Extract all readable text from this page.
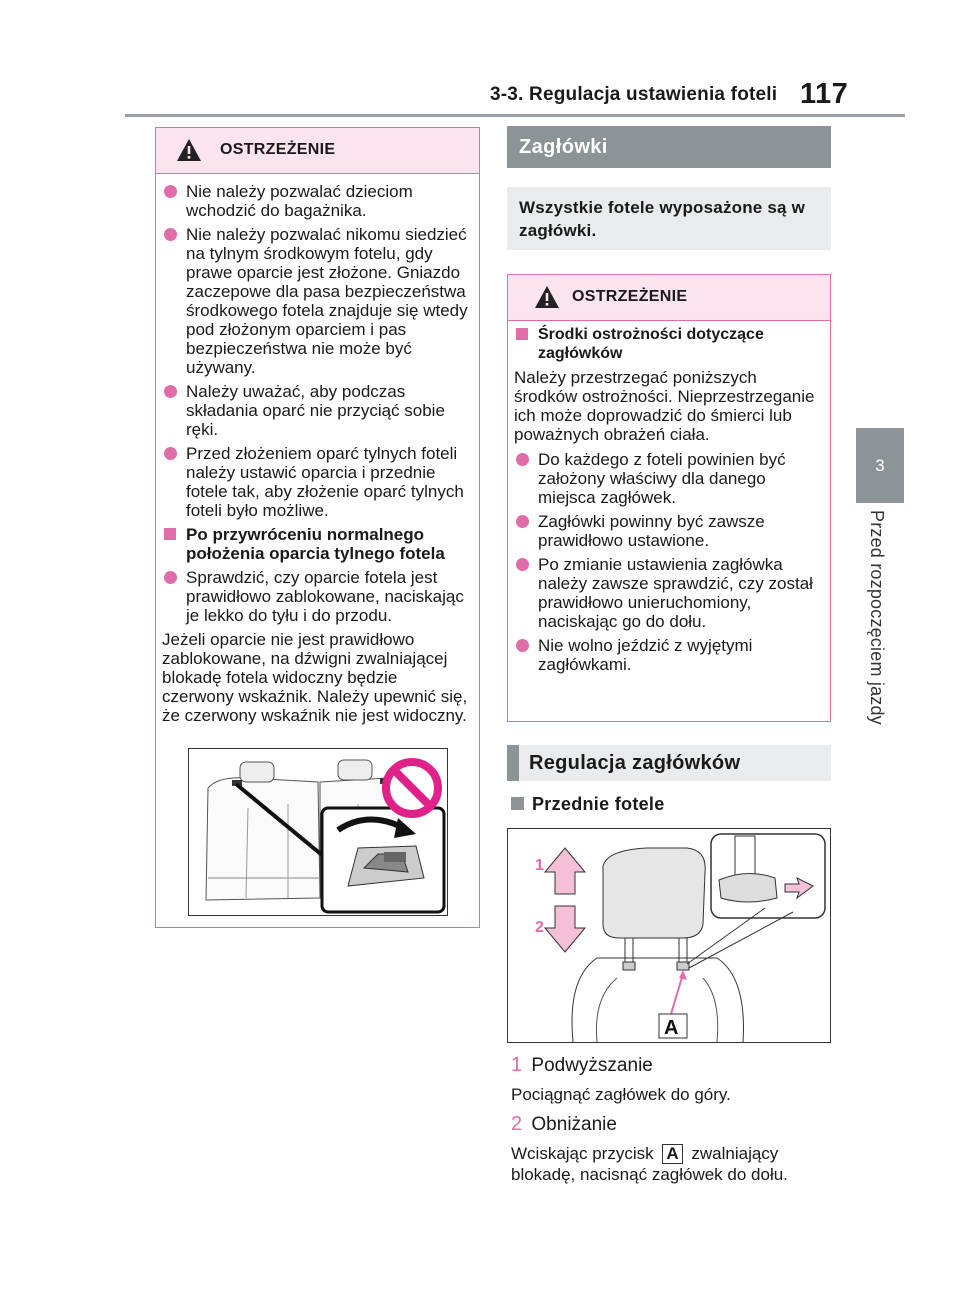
3-3. Regulacja ustawienia foteli 117
3
Przed rozpoczęciem jazdy
OSTRZEŻENIE
Nie należy pozwalać dzieciom wchodzić do bagażnika.
Nie należy pozwalać nikomu siedzieć na tylnym środkowym fotelu, gdy prawe oparcie jest złożone. Gniazdo zaczepowe dla pasa bezpieczeństwa środkowego fotela znajduje się wtedy pod złożonym oparciem i pas bezpieczeństwa nie może być używany.
Należy uważać, aby podczas składania oparć nie przyciąć sobie ręki.
Przed złożeniem oparć tylnych foteli należy ustawić oparcia i przednie fotele tak, aby złożenie oparć tylnych foteli było możliwe.
Po przywróceniu normalnego położenia oparcia tylnego fotela
Sprawdzić, czy oparcie fotela jest prawidłowo zablokowane, naciskając je lekko do tyłu i do przodu.
Jeżeli oparcie nie jest prawidłowo zablokowane, na dźwigni zwalniającej blokadę fotela widoczny będzie czerwony wskaźnik. Należy upewnić się, że czerwony wskaźnik nie jest widoczny.
Zagłówki
Wszystkie fotele wyposażone są w zagłówki.
OSTRZEŻENIE
Środki ostrożności dotyczące zagłówków
Należy przestrzegać poniższych środków ostrożności. Nieprzestrzeganie ich może doprowadzić do śmierci lub poważnych obrażeń ciała.
Do każdego z foteli powinien być założony właściwy dla danego miejsca zagłówek.
Zagłówki powinny być zawsze prawidłowo ustawione.
Po zmianie ustawienia zagłówka należy zawsze sprawdzić, czy został prawidłowo unieruchomiony, naciskając go do dołu.
Nie wolno jeździć z wyjętymi zagłówkami.
Regulacja zagłówków
Przednie fotele
1
2
A
1 Podwyższanie
Pociągnąć zagłówek do góry.
2 Obniżanie
Wciskając przycisk A zwalniający blokadę, nacisnąć zagłówek do dołu.
